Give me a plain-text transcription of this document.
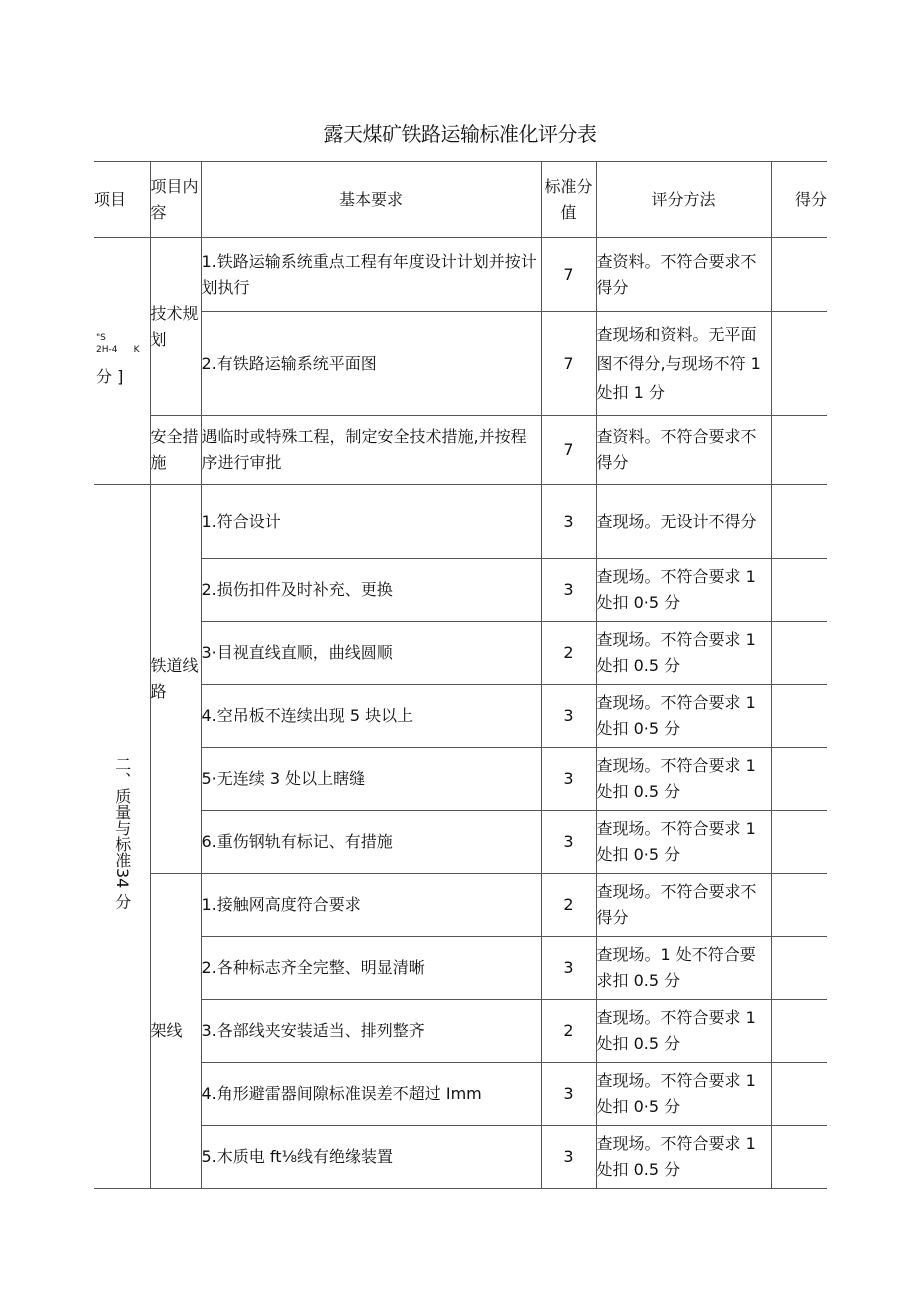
露天煤矿铁路运输标准化评分表
项目	项目内容	基本要求	标准分值	评分方法	得分

"S
2H-4 K
分 ]	技术规划	1.铁路运输系统重点工程有年度设计计划并按计划执行	7	查资料。不符合要求不得分	
		2.有铁路运输系统平面图	7	查现场和资料。无平面图不得分,与现场不符 1 处扣 1 分	
	安全措施	遇临时或特殊工程，制定安全技术措施,并按程序进行审批	7	查资料。不符合要求不得分	
二、质量与标准34 分	铁道线路	1.符合设计	3	查现场。无设计不得分	
		2.损伤扣件及时补充、更换	3	查现场。不符合要求 1 处扣 0·5 分	
		3·目视直线直顺，曲线圆顺	2	查现场。不符合要求 1 处扣 0.5 分	
		4.空吊板不连续出现 5 块以上	3	查现场。不符合要求 1 处扣 0·5 分	
		5·无连续 3 处以上瞎缝	3	查现场。不符合要求 1 处扣 0.5 分	
		6.重伤钢轨有标记、有措施	3	查现场。不符合要求 1 处扣 0·5 分	
	架线	1.接触网高度符合要求	2	查现场。不符合要求不得分	
		2.各种标志齐全完整、明显清晰	3	查现场。1 处不符合要求扣 0.5 分	
		3.各部线夹安装适当、排列整齐	2	查现场。不符合要求 1 处扣 0.5 分	
		4.角形避雷器间隙标准误差不超过 Imm	3	查现场。不符合要求 1 处扣 0·5 分	
		5.木质电 ft⅛线有绝缘装置	3	查现场。不符合要求 1 处扣 0.5 分	
